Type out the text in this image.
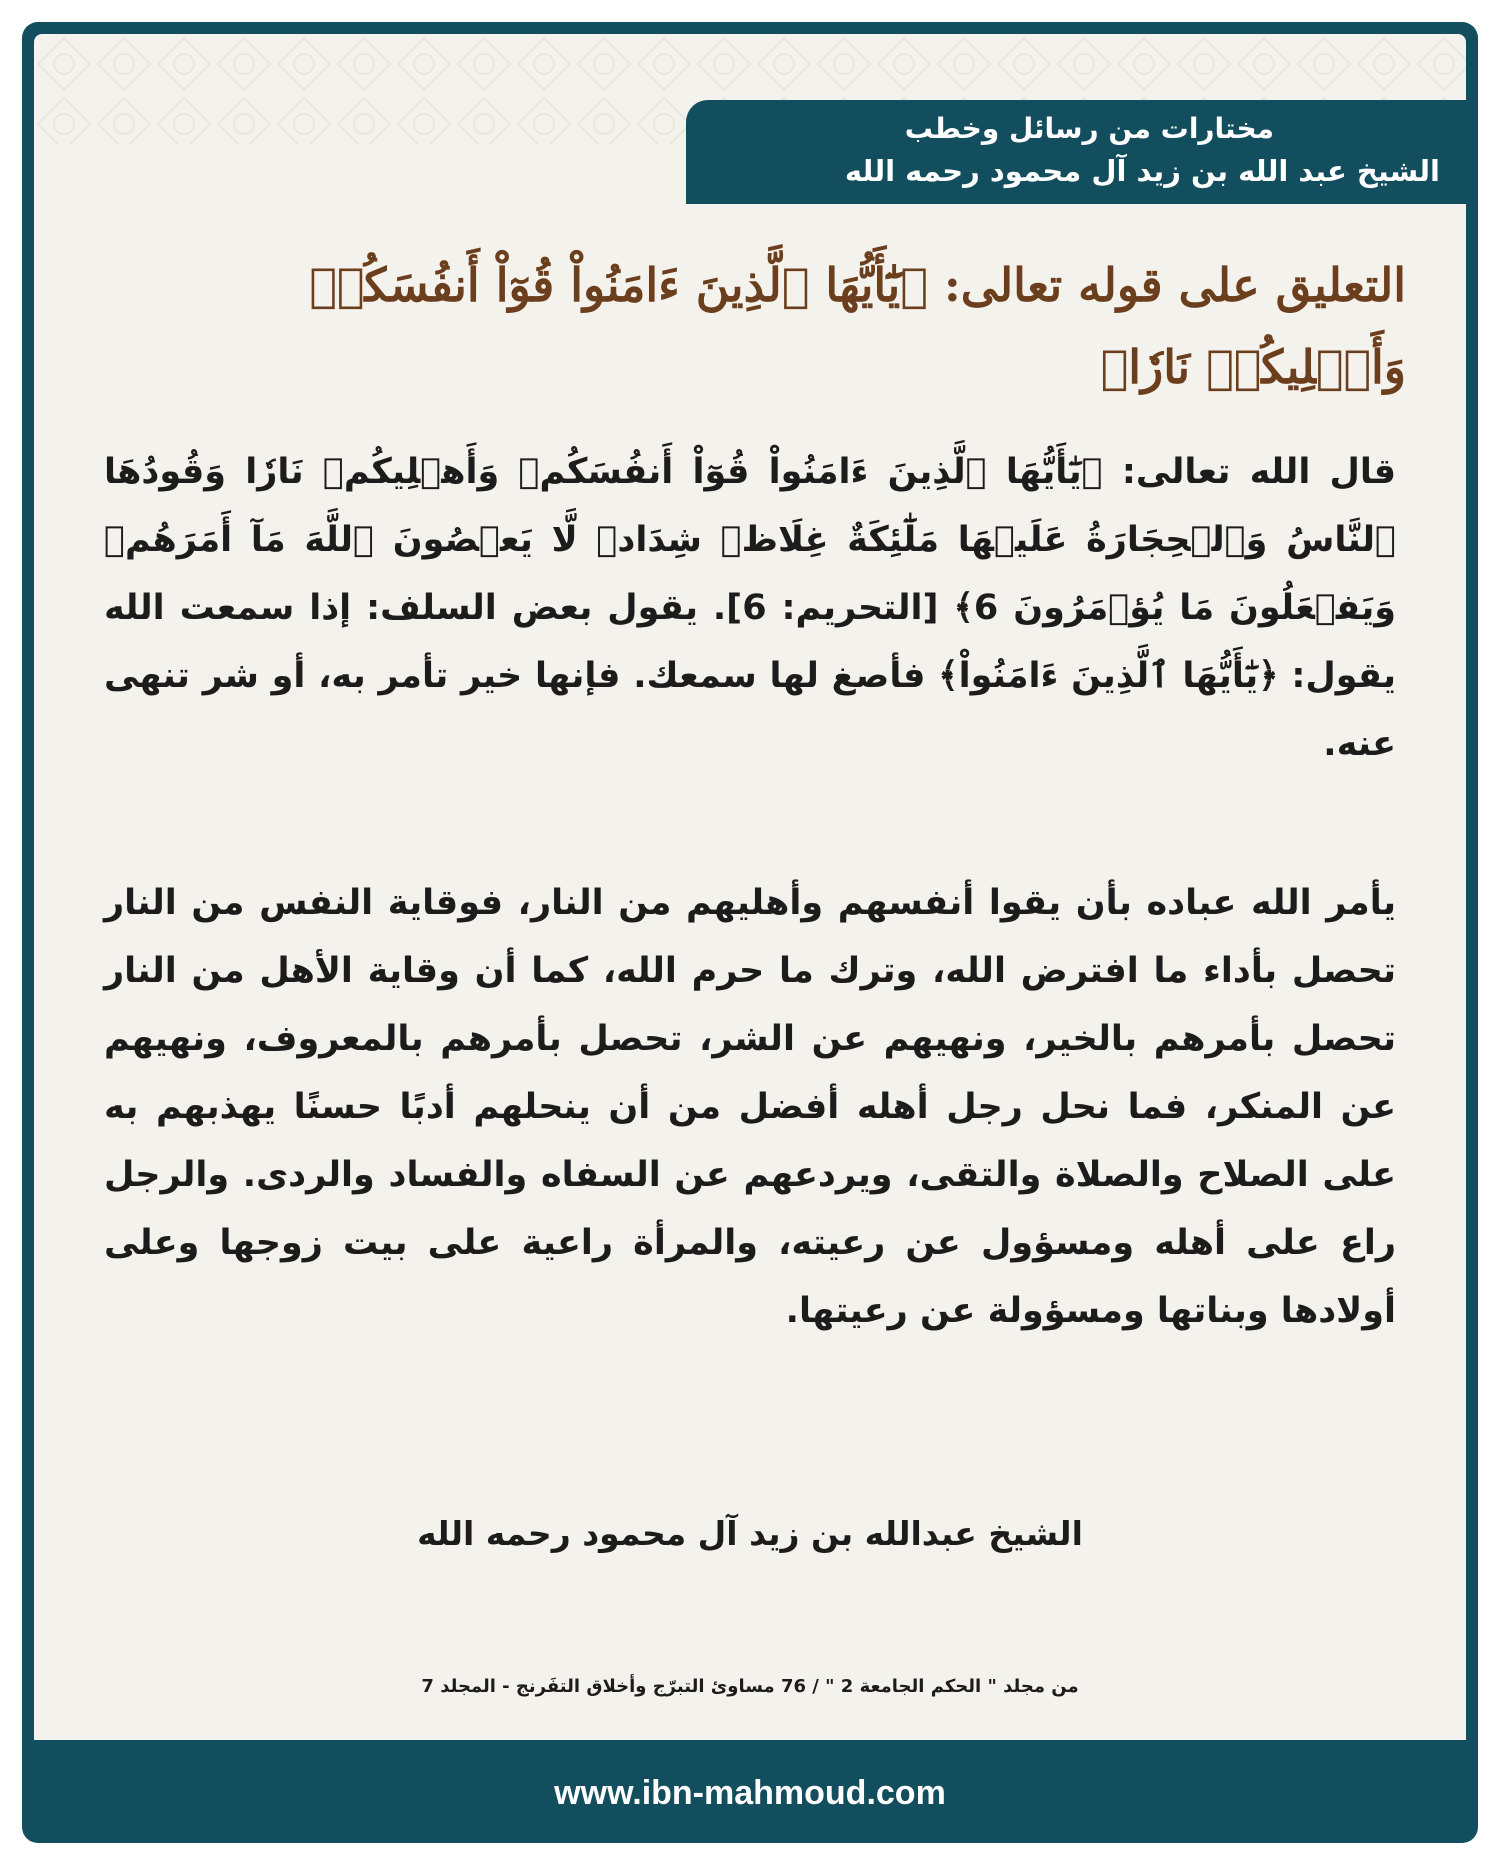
مختارات من رسائل وخطب
الشيخ عبد الله بن زيد آل محمود رحمه الله
التعليق على قوله تعالى: ﴿يَٰٓأَيُّهَا ٱلَّذِينَ ءَامَنُواْ قُوٓاْ أَنفُسَكُمۡ وَأَهۡلِيكُمۡ نَارٗا﴾
قال الله تعالى: ﴿يَٰٓأَيُّهَا ٱلَّذِينَ ءَامَنُواْ قُوٓاْ أَنفُسَكُمۡ وَأَهۡلِيكُمۡ نَارٗا وَقُودُهَا ٱلنَّاسُ وَٱلۡحِجَارَةُ عَلَيۡهَا مَلَٰٓئِكَةٌ غِلَاظٞ شِدَادٞ لَّا يَعۡصُونَ ٱللَّهَ مَآ أَمَرَهُمۡ وَيَفۡعَلُونَ مَا يُؤۡمَرُونَ 6﴾ [التحريم: 6]. يقول بعض السلف: إذا سمعت الله يقول: ﴿يَٰٓأَيُّهَا ٱلَّذِينَ ءَامَنُواْ﴾ فأصغ لها سمعك. فإنها خير تأمر به، أو شر تنهى عنه.
يأمر الله عباده بأن يقوا أنفسهم وأهليهم من النار، فوقاية النفس من النار تحصل بأداء ما افترض الله، وترك ما حرم الله، كما أن وقاية الأهل من النار تحصل بأمرهم بالخير، ونهيهم عن الشر، تحصل بأمرهم بالمعروف، ونهيهم عن المنكر، فما نحل رجل أهله أفضل من أن ينحلهم أدبًا حسنًا يهذبهم به على الصلاح والصلاة والتقى، ويردعهم عن السفاه والفساد والردى. والرجل راع على أهله ومسؤول عن رعيته، والمرأة راعية على بيت زوجها وعلى أولادها وبناتها ومسؤولة عن رعيتها.
الشيخ عبدالله بن زيد آل محمود رحمه الله
من مجلد " الحكم الجامعة 2 " / 76 مساوئ التبرّج وأخلاق التفَرنج - المجلد 7
www.ibn-mahmoud.com
